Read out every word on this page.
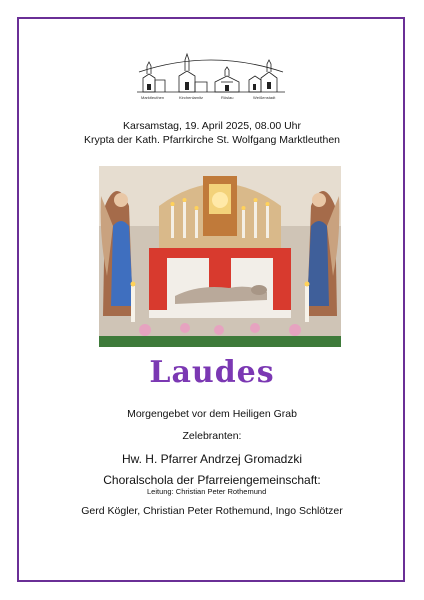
Marktleuthen	Kirchenlamitz	Röslau	Weißenstadt
Karsamstag, 19. April 2025, 08.00 Uhr
Krypta der Kath. Pfarrkirche St. Wolfgang Marktleuthen
Laudes
Morgengebet vor dem Heiligen Grab
Zelebranten:
Hw. H. Pfarrer Andrzej Gromadzki
Choralschola der Pfarreiengemeinschaft:
Leitung: Christian Peter Rothemund
Gerd Kögler, Christian Peter Rothemund, Ingo Schlötzer
